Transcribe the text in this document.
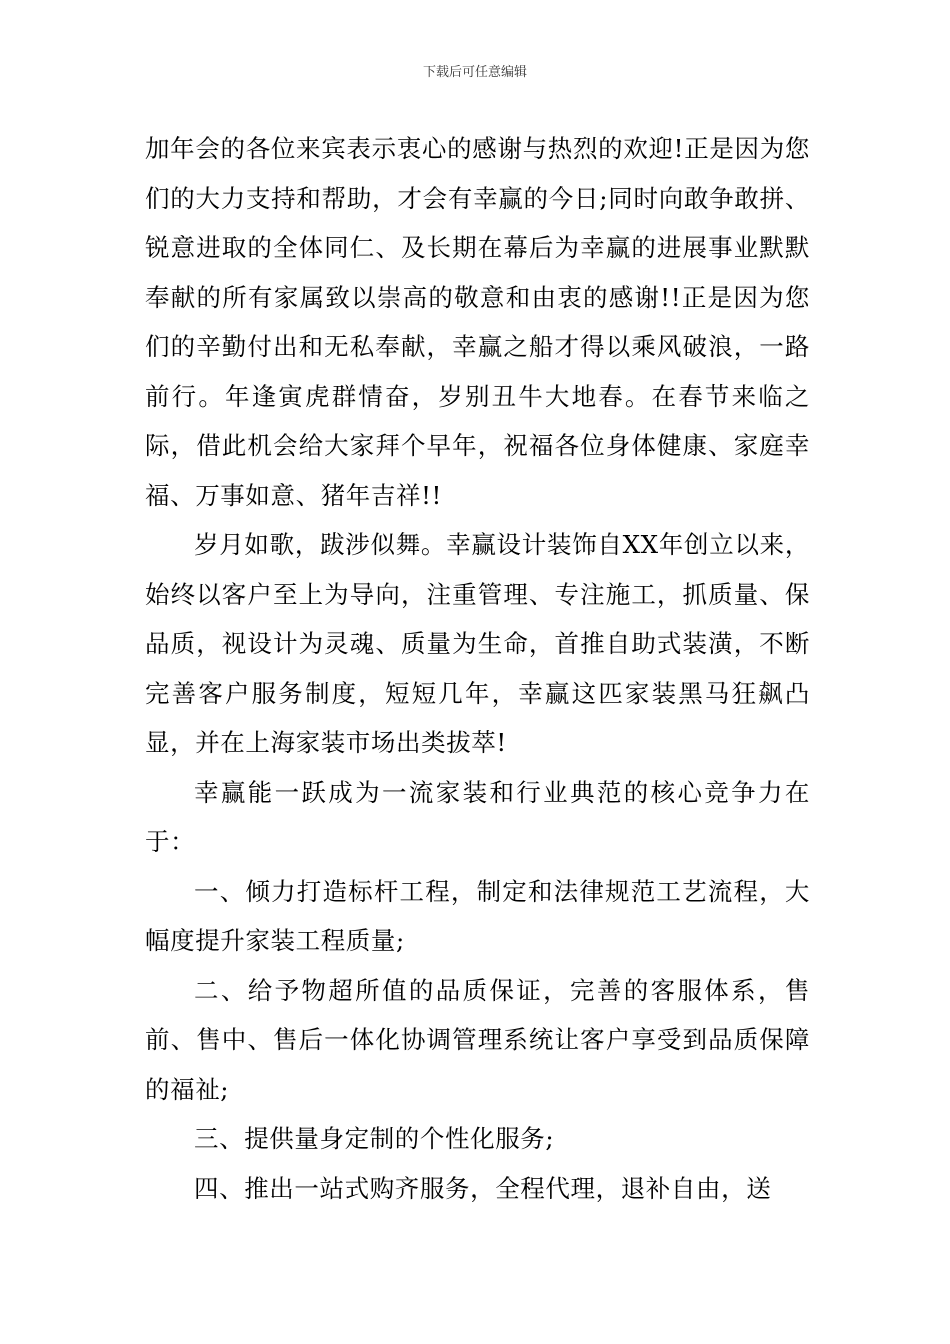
下载后可任意编辑

加年会的各位来宾表示衷心的感谢与热烈的欢迎!正是因为您们的大力支持和帮助，才会有幸赢的今日;同时向敢争敢拼、锐意进取的全体同仁、及长期在幕后为幸赢的进展事业默默奉献的所有家属致以崇高的敬意和由衷的感谢!!正是因为您们的辛勤付出和无私奉献，幸赢之船才得以乘风破浪，一路前行。年逢寅虎群情奋，岁别丑牛大地春。在春节来临之际，借此机会给大家拜个早年，祝福各位身体健康、家庭幸福、万事如意、猪年吉祥!!

岁月如歌，跋涉似舞。幸赢设计装饰自XX年创立以来，始终以客户至上为导向，注重管理、专注施工，抓质量、保品质，视设计为灵魂、质量为生命，首推自助式装潢，不断完善客户服务制度，短短几年，幸赢这匹家装黑马狂飙凸显，并在上海家装市场出类拔萃!

幸赢能一跃成为一流家装和行业典范的核心竞争力在于：

一、倾力打造标杆工程，制定和法律规范工艺流程，大幅度提升家装工程质量;

二、给予物超所值的品质保证，完善的客服体系，售前、售中、售后一体化协调管理系统让客户享受到品质保障的福祉;

三、提供量身定制的个性化服务;

四、推出一站式购齐服务，全程代理，退补自由，送
